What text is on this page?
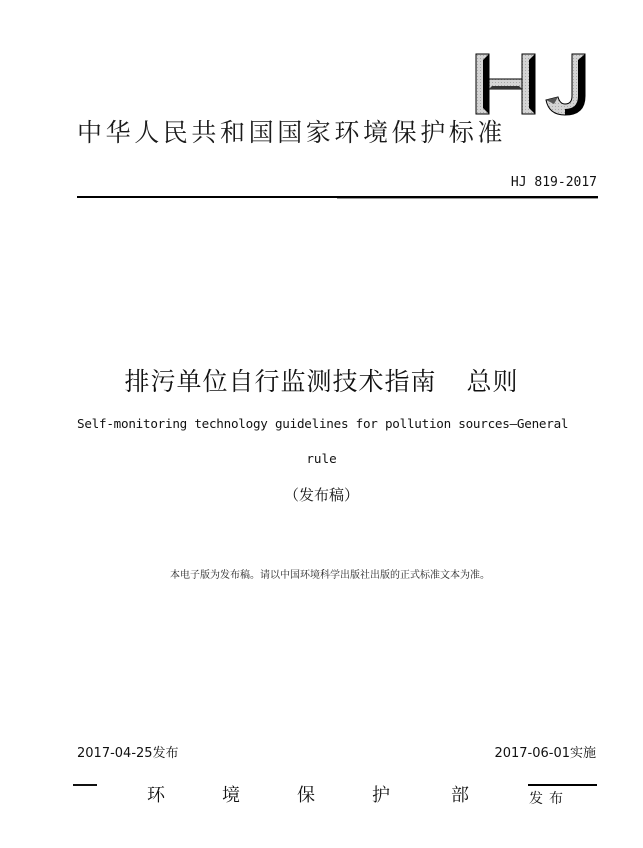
中华人民共和国国家环境保护标准
HJ 819-2017
排污单位自行监测技术指南 总则
Self-monitoring technology guidelines for pollution sources—General
rule
（发布稿）
本电子版为发布稿。请以中国环境科学出版社出版的正式标准文本为准。
2017-04-25发布	2017-06-01实施
环	境	保	护	部	发布
